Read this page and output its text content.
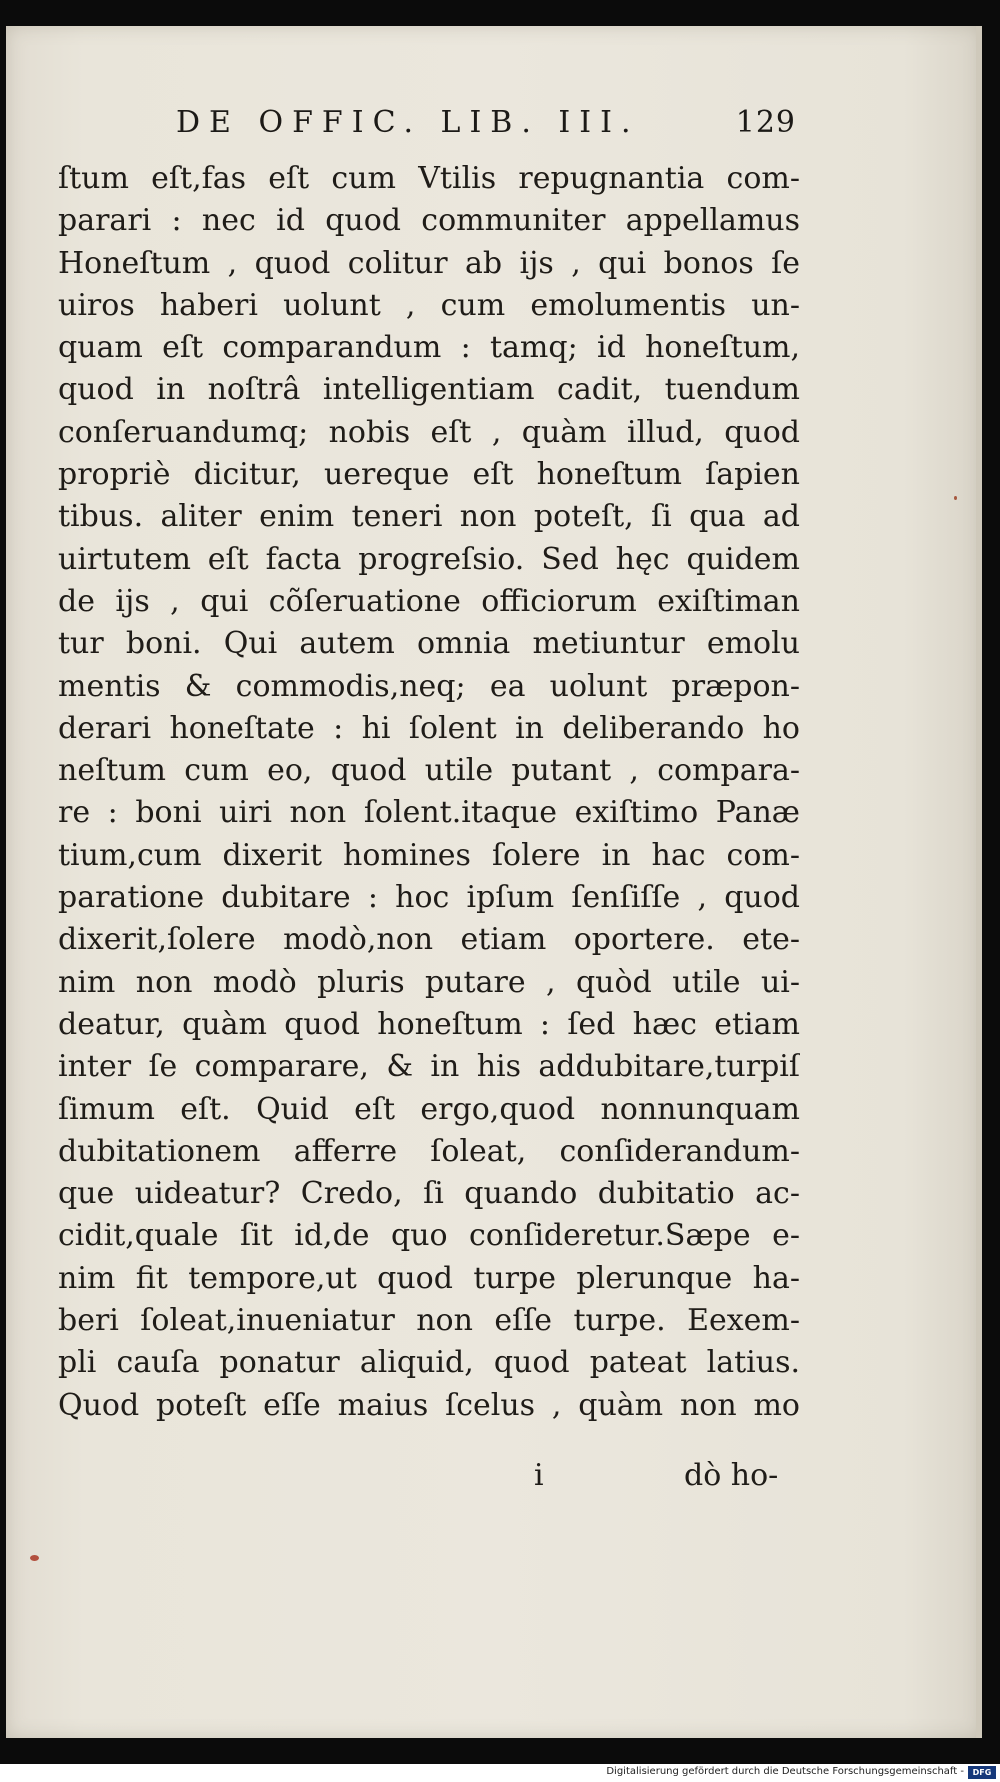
DE OFFIC. LIB. III.	129
ſtum eſt,fas eſt cum Vtilis repugnantia com-
parari : nec id quod communiter appellamus
Honeſtum , quod colitur ab ijs , qui bonos ſe
uiros haberi uolunt , cum emolumentis un-
quam eſt comparandum : tamq; id honeſtum,
quod in noſtrâ intelligentiam cadit, tuendum
conſeruandumq; nobis eſt , quàm illud, quod
propriè dicitur, uereque eſt honeſtum ſapien
tibus. aliter enim teneri non poteſt, ſi qua ad
uirtutem eſt facta progreſsio. Sed hęc quidem
de ijs , qui cõſeruatione officiorum exiſtiman
tur boni. Qui autem omnia metiuntur emolu
mentis & commodis,neq; ea uolunt præpon-
derari honeſtate : hi ſolent in deliberando ho
neſtum cum eo, quod utile putant , compara-
re : boni uiri non ſolent.itaque exiſtimo Panæ
tium,cum dixerit homines ſolere in hac com-
paratione dubitare : hoc ipſum ſenſiſſe , quod
dixerit,ſolere modò,non etiam oportere. ete-
nim non modò pluris putare , quòd utile ui-
deatur, quàm quod honeſtum : ſed hæc etiam
inter ſe comparare, & in his addubitare,turpiſ
ſimum eſt. Quid eſt ergo,quod nonnunquam
dubitationem afferre ſoleat, conſiderandum-
que uideatur? Credo, ſi quando dubitatio ac-
cidit,quale ſit id,de quo conſideretur.Sæpe e-
nim fit tempore,ut quod turpe plerunque ha-
beri ſoleat,inueniatur non eſſe turpe. Eexem-
pli cauſa ponatur aliquid, quod pateat latius.
Quod poteſt eſſe maius ſcelus , quàm non mo
i	dò ho-
Digitalisierung gefördert durch die Deutsche Forschungsgemeinschaft -	DFG
